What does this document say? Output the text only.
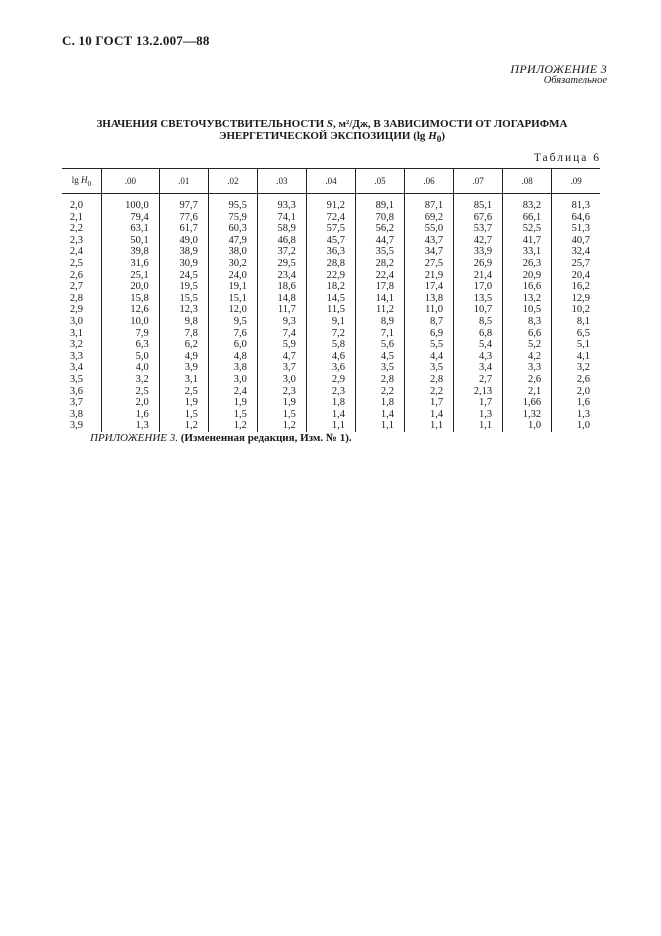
С. 10 ГОСТ 13.2.007—88
ПРИЛОЖЕНИЕ 3
Обязательное
ЗНАЧЕНИЯ СВЕТОЧУВСТВИТЕЛЬНОСТИ S, м²/Дж, В ЗАВИСИМОСТИ ОТ ЛОГАРИФМА
ЭНЕРГЕТИЧЕСКОЙ ЭКСПОЗИЦИИ (lg $H_0$)
Таблица 6
$\lg H_0$	.00	.01	.02	.03	.04	.05	.06	.07	.08	.09
2,0	100,0	97,7	95,5	93,3	91,2	89,1	87,1	85,1	83,2	81,3
2,1	79,4	77,6	75,9	74,1	72,4	70,8	69,2	67,6	66,1	64,6
2,2	63,1	61,7	60,3	58,9	57,5	56,2	55,0	53,7	52,5	51,3
2,3	50,1	49,0	47,9	46,8	45,7	44,7	43,7	42,7	41,7	40,7
2,4	39,8	38,9	38,0	37,2	36,3	35,5	34,7	33,9	33,1	32,4
2,5	31,6	30,9	30,2	29,5	28,8	28,2	27,5	26,9	26,3	25,7
2,6	25,1	24,5	24,0	23,4	22,9	22,4	21,9	21,4	20,9	20,4
2,7	20,0	19,5	19,1	18,6	18,2	17,8	17,4	17,0	16,6	16,2
2,8	15,8	15,5	15,1	14,8	14,5	14,1	13,8	13,5	13,2	12,9
2,9	12,6	12,3	12,0	11,7	11,5	11,2	11,0	10,7	10,5	10,2
3,0	10,0	9,8	9,5	9,3	9,1	8,9	8,7	8,5	8,3	8,1
3,1	7,9	7,8	7,6	7,4	7,2	7,1	6,9	6,8	6,6	6,5
3,2	6,3	6,2	6,0	5,9	5,8	5,6	5,5	5,4	5,2	5,1
3,3	5,0	4,9	4,8	4,7	4,6	4,5	4,4	4,3	4,2	4,1
3,4	4,0	3,9	3,8	3,7	3,6	3,5	3,5	3,4	3,3	3,2
3,5	3,2	3,1	3,0	3,0	2,9	2,8	2,8	2,7	2,6	2,6
3,6	2,5	2,5	2,4	2,3	2,3	2,2	2,2	2,13	2,1	2,0
3,7	2,0	1,9	1,9	1,9	1,8	1,8	1,7	1,7	1,66	1,6
3,8	1,6	1,5	1,5	1,5	1,4	1,4	1,4	1,3	1,32	1,3
3,9	1,3	1,2	1,2	1,2	1,1	1,1	1,1	1,1	1,0	1,0
ПРИЛОЖЕНИЕ 3. (Измененная редакция, Изм. № 1).
